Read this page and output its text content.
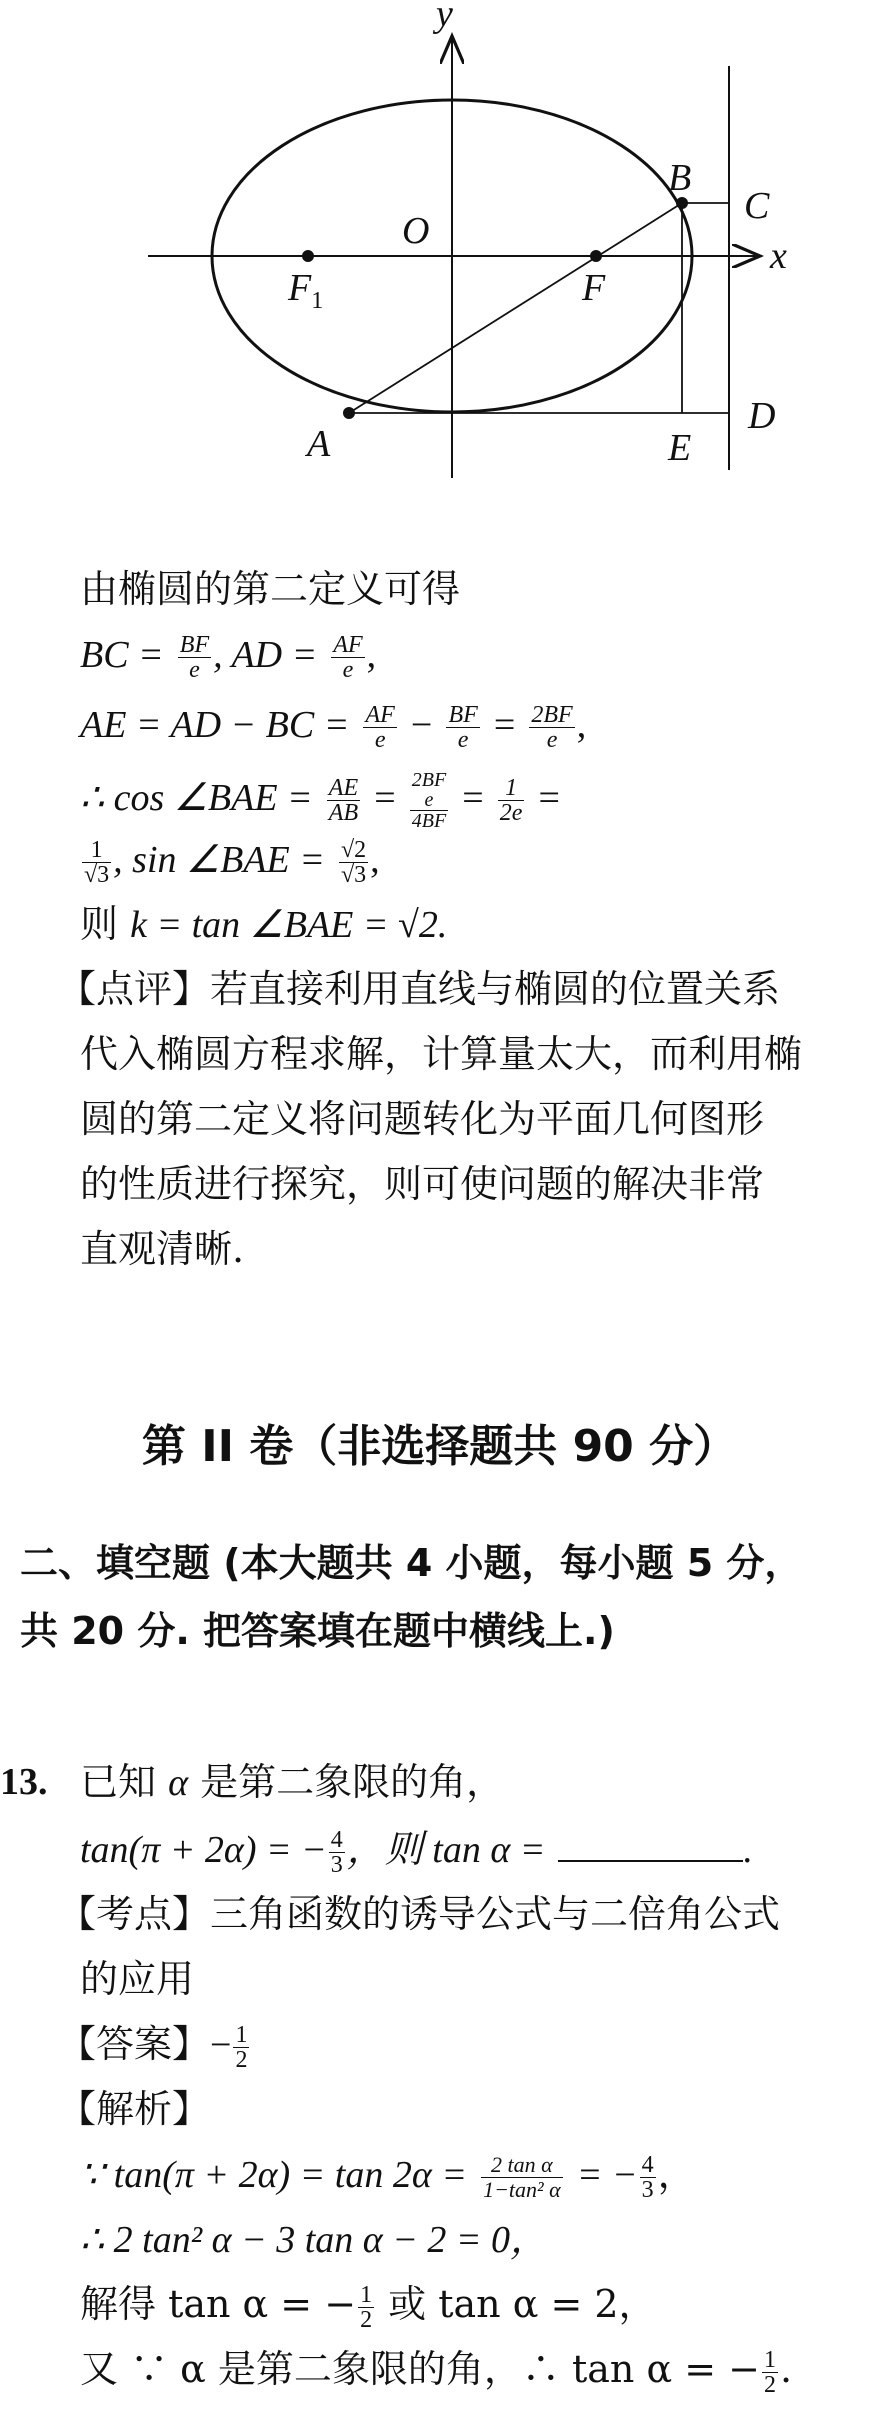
y
x
O
B
C
$F_1$	F
A	E
D
由椭圆的第二定义可得
BC = $\frac{BF}{e}$ , AD = $\frac{AF}{e}$ ,
AE = AD − BC = $\frac{AF}{e} - \frac{BF}{e} = \frac{2BF}{e}$ ,
∴ cos ∠BAE = $\frac{AE}{AB} = 2BF$
e
4BF
= $\frac{1}{2e}$ =
$\frac{1}{√3}$ , sin ∠BAE = $\frac{√2}{√3}$ ,
则 k = tan ∠BAE = √2.
【点评】若直接利用直线与椭圆的位置关系
代入椭圆方程求解，计算量太大，而利用椭
圆的第二定义将问题转化为平面几何图形
的性质进行探究，则可使问题的解决非常
直观清晰.
第 II 卷（非选择题共 90 分）
二、填空题 (本大题共 4 小题，每小题 5 分，
共 20 分. 把答案填在题中横线上.)
13. 已知 α 是第二象限的角，
tan(π + 2α) = − $\frac{4}{3}$ ，则 tan α =	.
【考点】三角函数的诱导公式与二倍角公式
的应用
【答案】− $\frac{1}{2}$
【解析】
∵ $\tan(\pi + 2\alpha) = \tan 2\alpha = \frac{\text{2 tan α}}{\text{1−tan² α}}$ = − $\frac{4}{3}$ ，
∴ 2 tan² α − 3 tan α − 2 = 0，
解得 tan α = − $\frac{1}{2}$ 或 tan α = 2，
又 ∵ α 是第二象限的角，∴ tan α = − $\frac{1}{2}$ .
